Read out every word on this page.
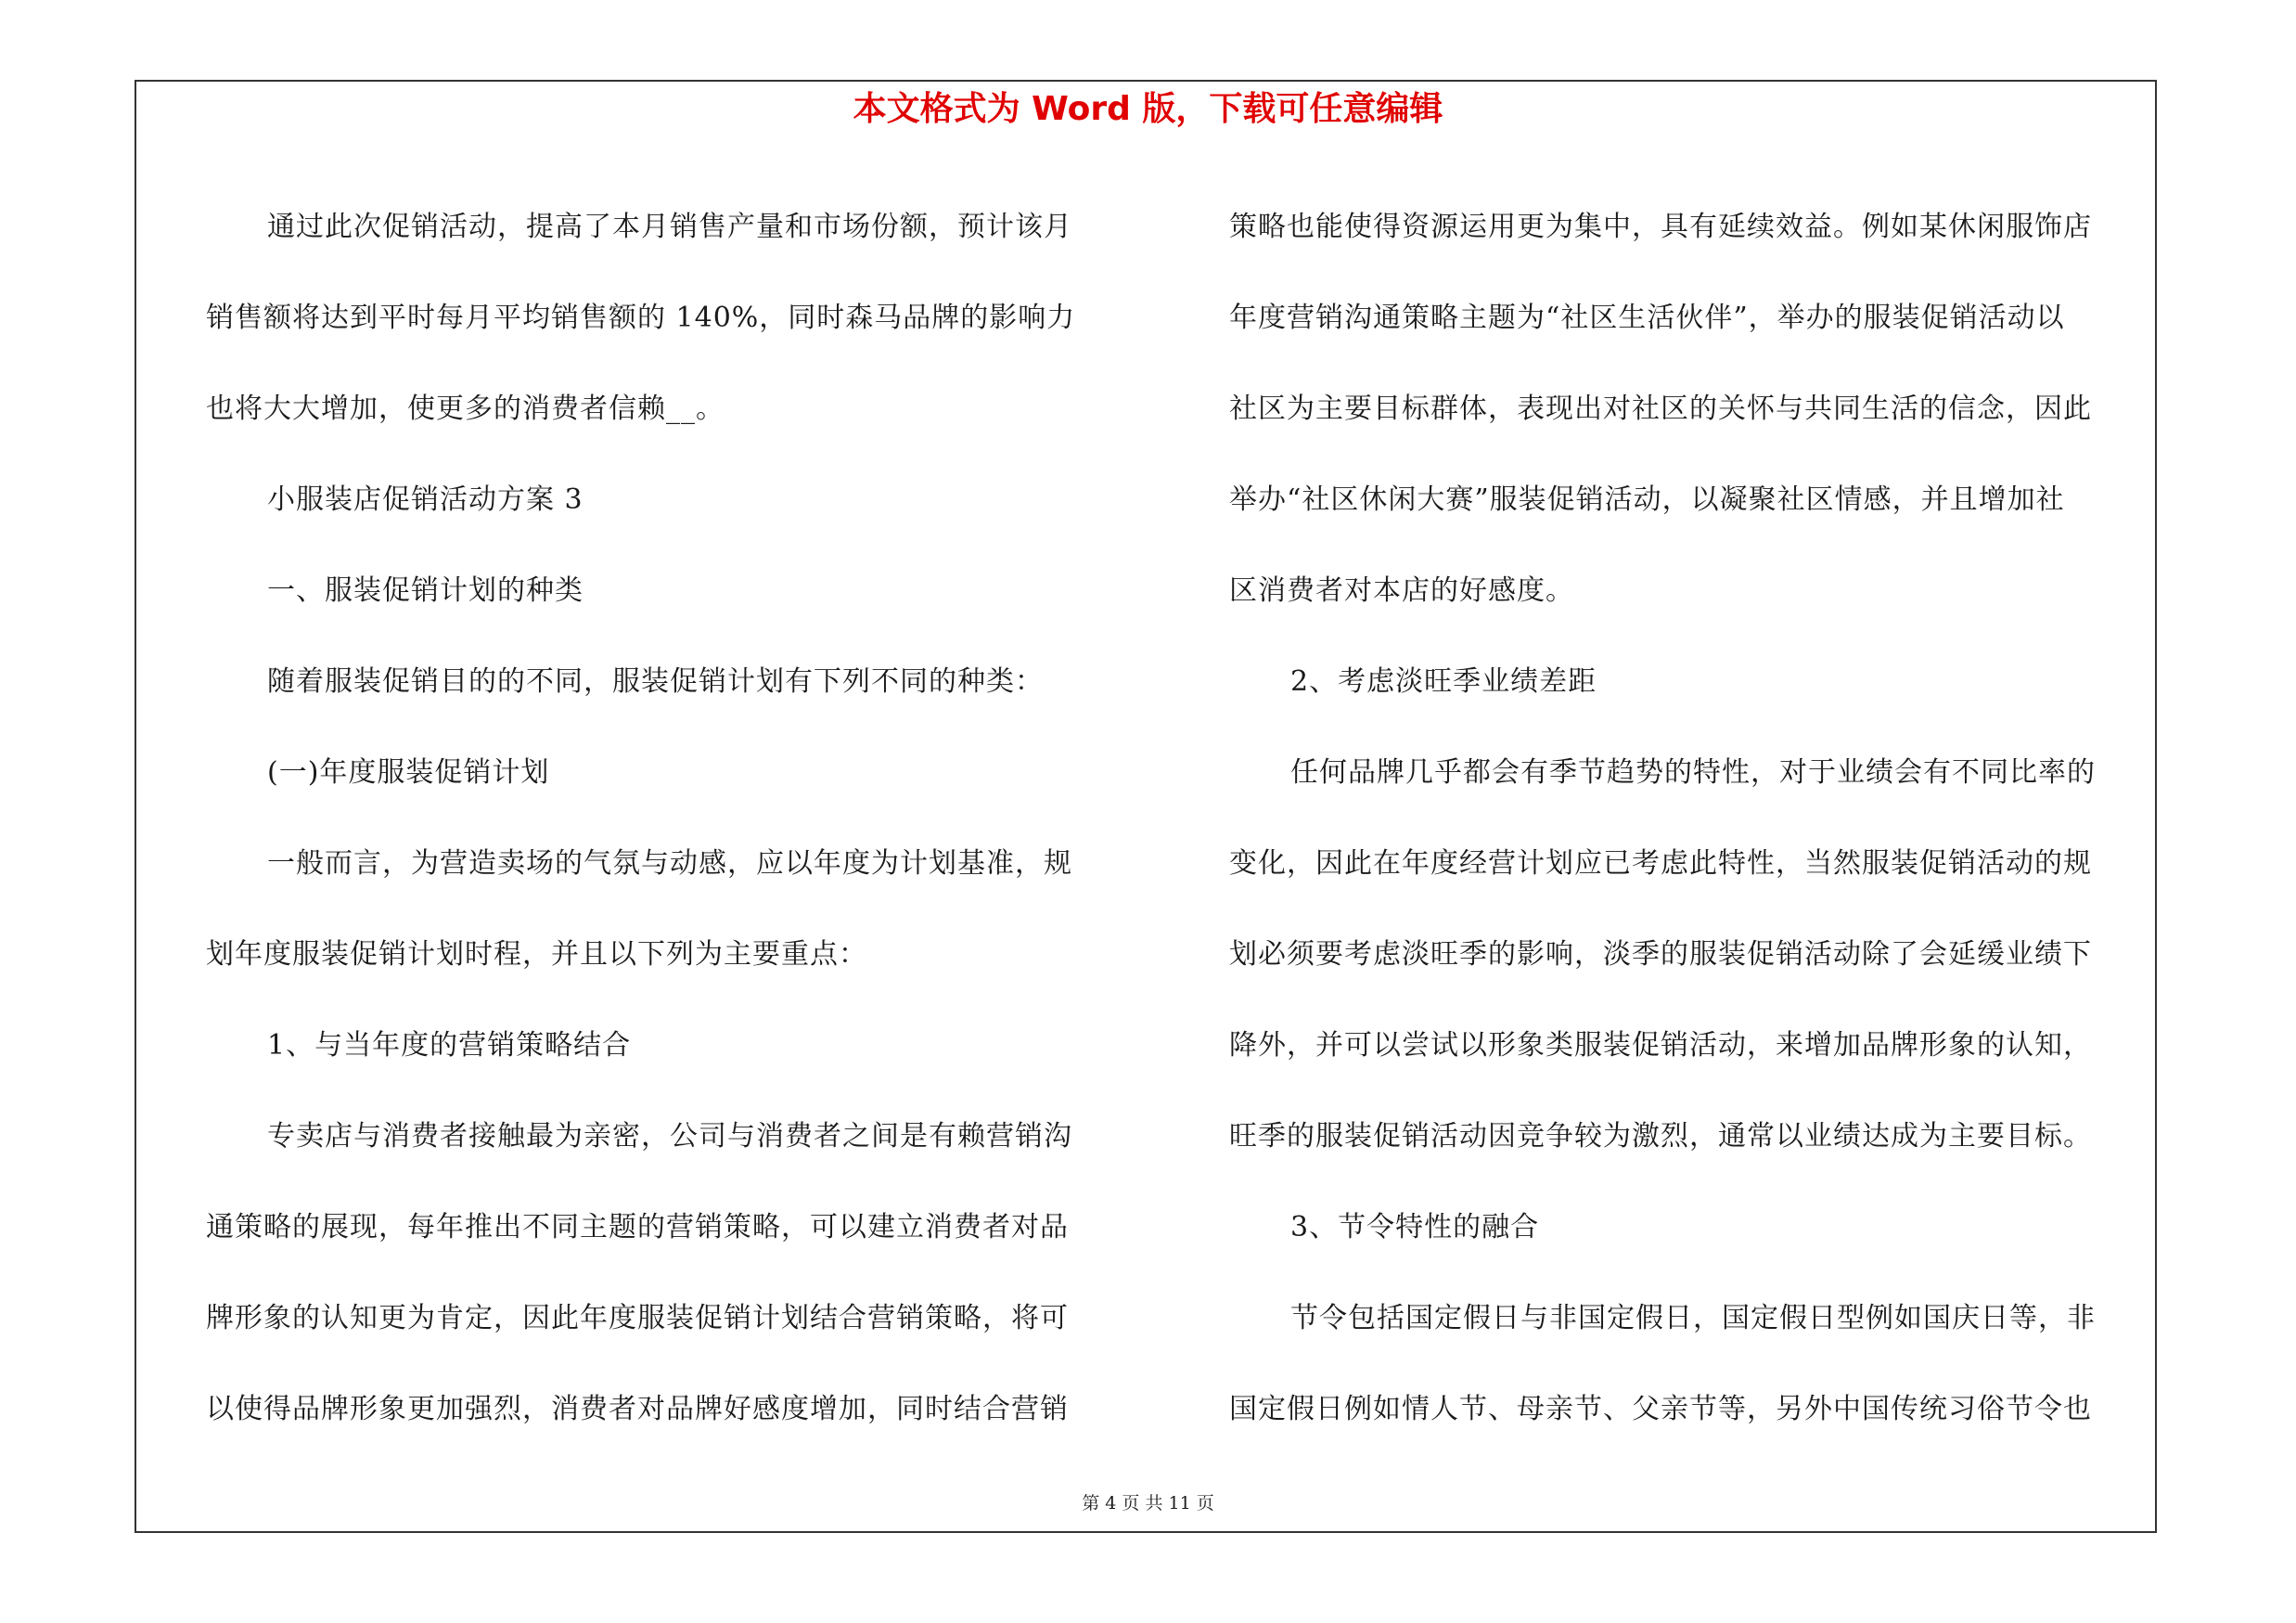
本文格式为 Word 版，下载可任意编辑
通过此次促销活动，提高了本月销售产量和市场份额，预计该月
销售额将达到平时每月平均销售额的 140%，同时森马品牌的影响力
也将大大增加，使更多的消费者信赖__。
小服装店促销活动方案 3
一、服装促销计划的种类
随着服装促销目的的不同，服装促销计划有下列不同的种类：
(一)年度服装促销计划
一般而言，为营造卖场的气氛与动感，应以年度为计划基准，规
划年度服装促销计划时程，并且以下列为主要重点：
1、与当年度的营销策略结合
专卖店与消费者接触最为亲密，公司与消费者之间是有赖营销沟
通策略的展现，每年推出不同主题的营销策略，可以建立消费者对品
牌形象的认知更为肯定，因此年度服装促销计划结合营销策略，将可
以使得品牌形象更加强烈，消费者对品牌好感度增加，同时结合营销
策略也能使得资源运用更为集中，具有延续效益。例如某休闲服饰店
年度营销沟通策略主题为“社区生活伙伴”，举办的服装促销活动以
社区为主要目标群体，表现出对社区的关怀与共同生活的信念，因此
举办“社区休闲大赛”服装促销活动，以凝聚社区情感，并且增加社
区消费者对本店的好感度。
2、考虑淡旺季业绩差距
任何品牌几乎都会有季节趋势的特性，对于业绩会有不同比率的
变化，因此在年度经营计划应已考虑此特性，当然服装促销活动的规
划必须要考虑淡旺季的影响，淡季的服装促销活动除了会延缓业绩下
降外，并可以尝试以形象类服装促销活动，来增加品牌形象的认知，
旺季的服装促销活动因竞争较为激烈，通常以业绩达成为主要目标。
3、节令特性的融合
节令包括国定假日与非国定假日，国定假日型例如国庆日等，非
国定假日例如情人节、母亲节、父亲节等，另外中国传统习俗节令也
第 4 页 共 11 页
